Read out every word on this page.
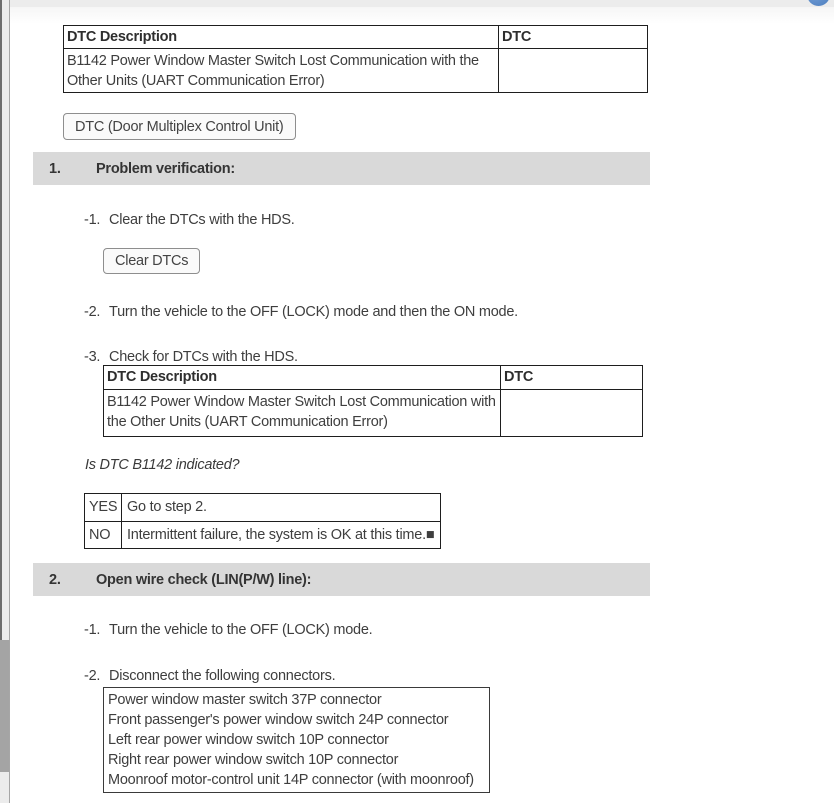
DTC Description	DTC
B1142 Power Window Master Switch Lost Communication with the Other Units (UART Communication Error)
DTC (Door Multiplex Control Unit)
1.	Problem verification:
-1. Clear the DTCs with the HDS.
Clear DTCs
-2. Turn the vehicle to the OFF (LOCK) mode and then the ON mode.
-3. Check for DTCs with the HDS.
DTC Description	DTC
B1142 Power Window Master Switch Lost Communication with the Other Units (UART Communication Error)
Is DTC B1142 indicated?
YES Go to step 2.
NO	Intermittent failure, the system is OK at this time.■
2.	Open wire check (LIN(P/W) line):
-1. Turn the vehicle to the OFF (LOCK) mode.
-2. Disconnect the following connectors.
Power window master switch 37P connector
Front passenger's power window switch 24P connector
Left rear power window switch 10P connector
Right rear power window switch 10P connector
Moonroof motor-control unit 14P connector (with moonroof)
